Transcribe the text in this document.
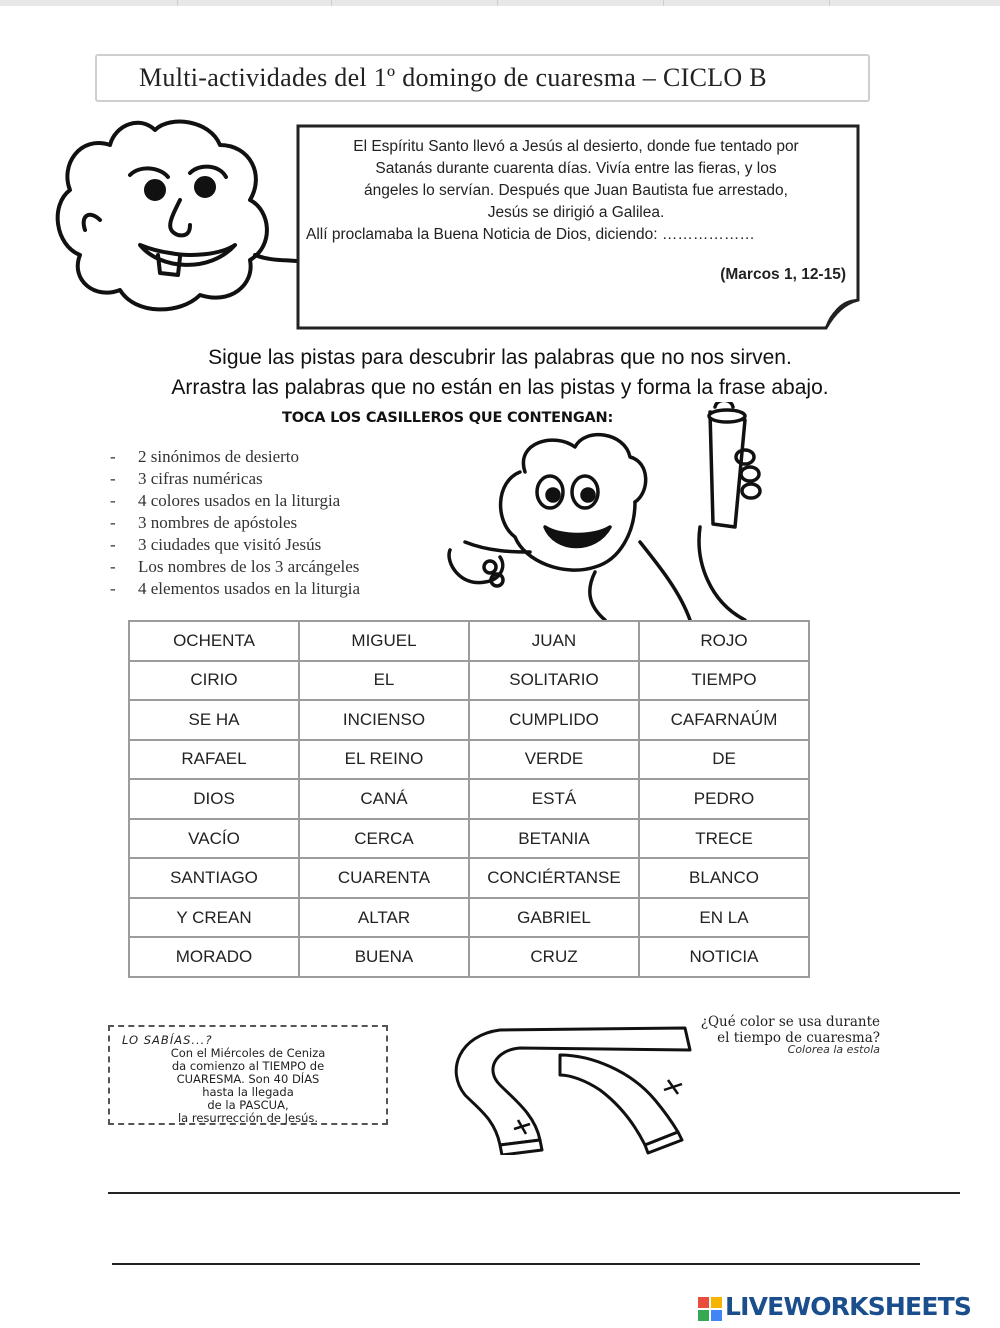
Multi-actividades del 1º domingo de cuaresma – CICLO B
El Espíritu Santo llevó a Jesús al desierto, donde fue tentado por
Satanás durante cuarenta días. Vivía entre las fieras, y los
ángeles lo servían. Después que Juan Bautista fue arrestado,
Jesús se dirigió a Galilea.
Allí proclamaba la Buena Noticia de Dios, diciendo: ………………
(Marcos 1, 12-15)
Sigue las pistas para descubrir las palabras que no nos sirven.
Arrastra las palabras que no están en las pistas y forma la frase abajo.
TOCA LOS CASILLEROS QUE CONTENGAN:
- 2 sinónimos de desierto
- 3 cifras numéricas
- 4 colores usados en la liturgia
- 3 nombres de apóstoles
- 3 ciudades que visitó Jesús
- Los nombres de los 3 arcángeles
- 4 elementos usados en la liturgia
OCHENTA	MIGUEL	JUAN	ROJO
CIRIO	EL	SOLITARIO	TIEMPO
SE HA	INCIENSO	CUMPLIDO	CAFARNAÚM
RAFAEL	EL REINO	VERDE	DE
DIOS	CANÁ	ESTÁ	PEDRO
VACÍO	CERCA	BETANIA	TRECE
SANTIAGO	CUARENTA	CONCIÉRTANSE	BLANCO
Y CREAN	ALTAR	GABRIEL	EN LA
MORADO	BUENA	CRUZ	NOTICIA
LO SABÍAS...?
Con el Miércoles de Ceniza
da comienzo al TIEMPO de
CUARESMA. Son 40 DÍAS
hasta la llegada
de la PASCUA,
la resurrección de Jesús.
¿Qué color se usa durante
el tiempo de cuaresma?
Colorea la estola
LIVEWORKSHEETS
